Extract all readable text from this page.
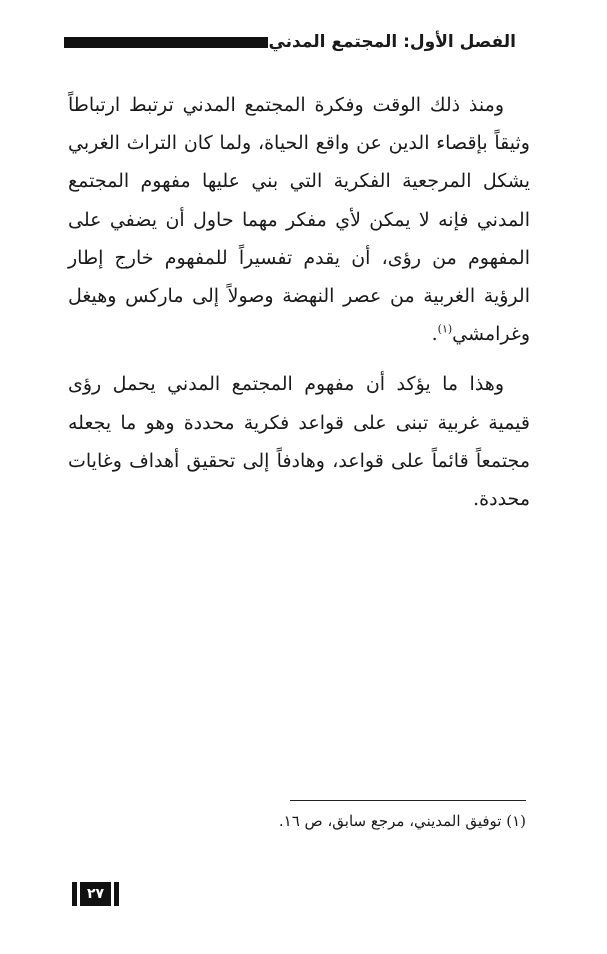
الفصل الأول: المجتمع المدني

ومنذ ذلك الوقت وفكرة المجتمع المدني ترتبط ارتباطاً وثيقاً بإقصاء الدين عن واقع الحياة، ولما كان التراث الغربي يشكل المرجعية الفكرية التي بني عليها مفهوم المجتمع المدني فإنه لا يمكن لأي مفكر مهما حاول أن يضفي على المفهوم من رؤى، أن يقدم تفسيراً للمفهوم خارج إطار الرؤية الغربية من عصر النهضة وصولاً إلى ماركس وهيغل وغرامشي$^{(١)}$.

وهذا ما يؤكد أن مفهوم المجتمع المدني يحمل رؤى قيمية غربية تبنى على قواعد فكرية محددة وهو ما يجعله مجتمعاً قائماً على قواعد، وهادفاً إلى تحقيق أهداف وغايات محددة.

(١) توفيق المديني، مرجع سابق، ص ١٦.
٢٧
